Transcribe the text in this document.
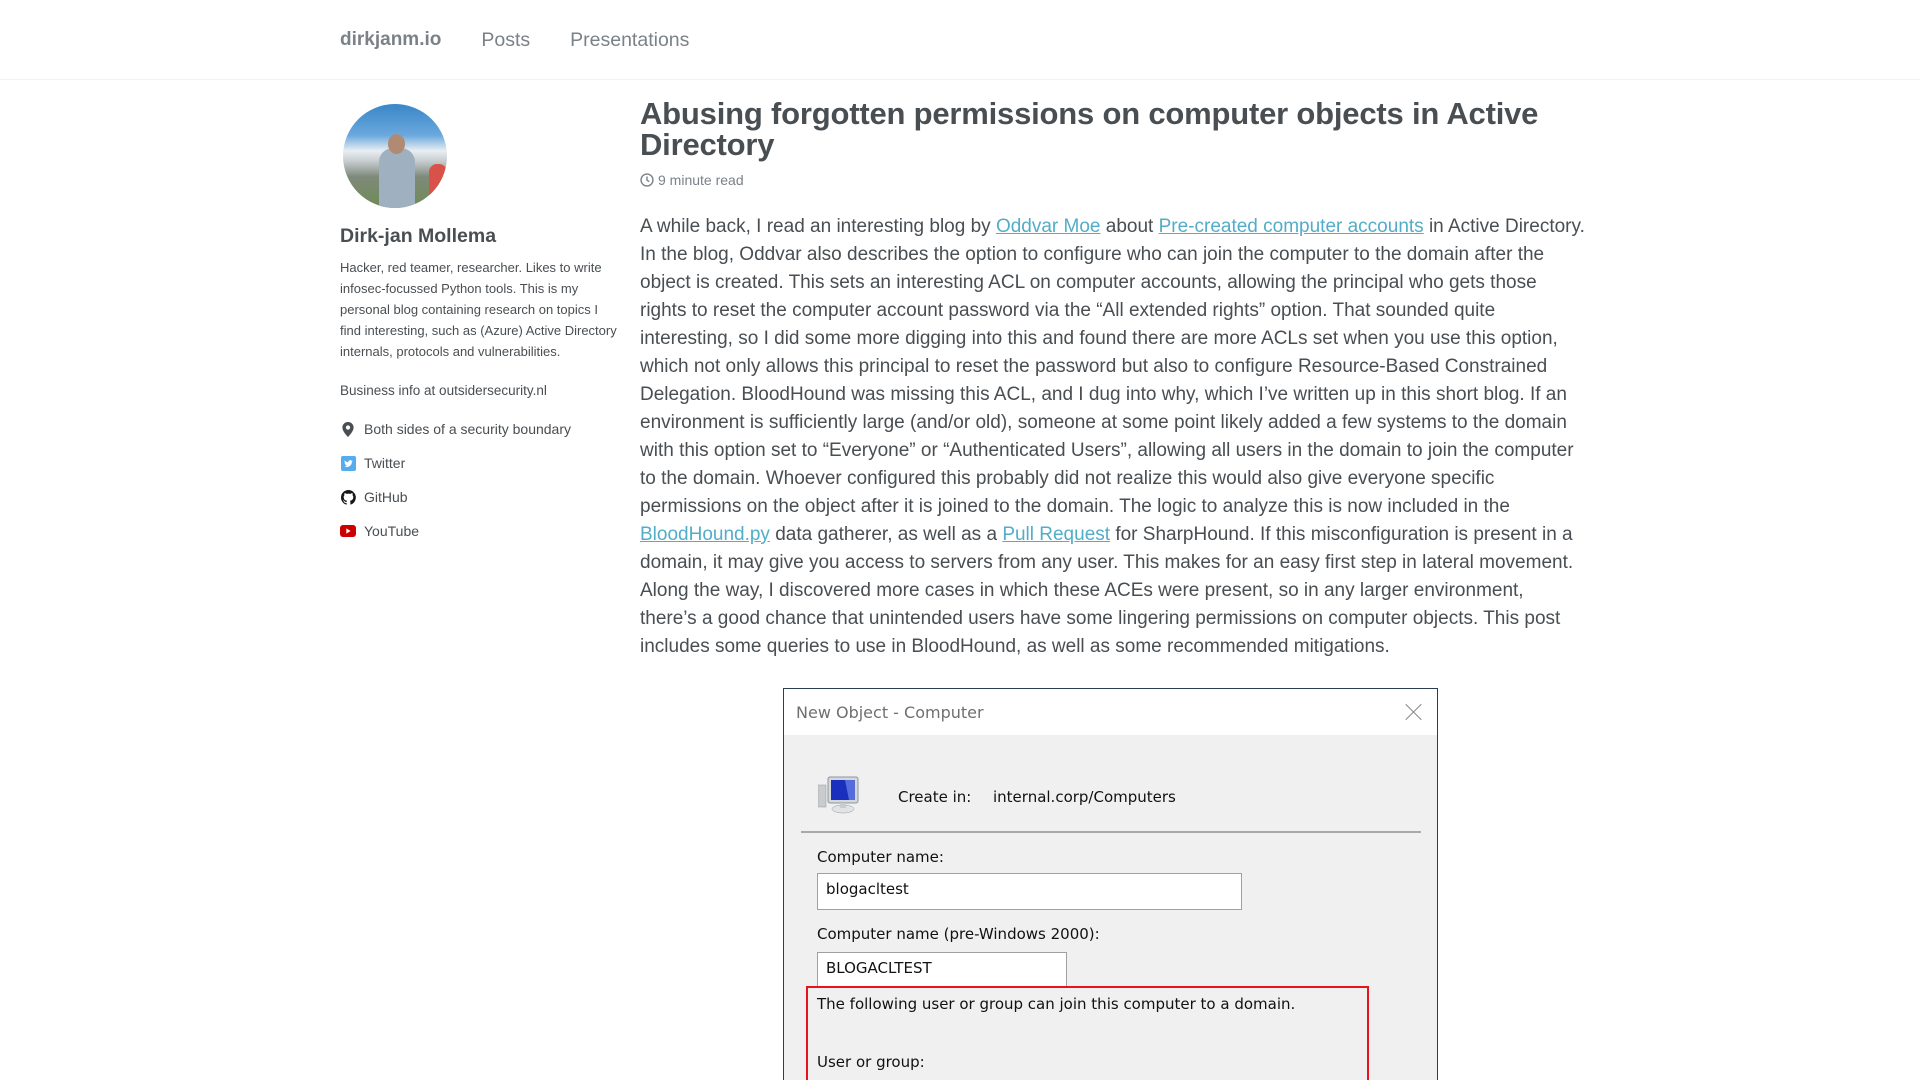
dirkjanm.io Posts Presentations
Dirk-jan Mollema

Hacker, red teamer, researcher. Likes to write infosec-focussed Python tools. This is my personal blog containing research on topics I find interesting, such as (Azure) Active Directory internals, protocols and vulnerabilities.

Business info at outsidersecurity.nl

Both sides of a security boundary
Twitter
GitHub
YouTube
Abusing forgotten permissions on computer objects in Active Directory

9 minute read

A while back, I read an interesting blog by Oddvar Moe about Pre-created computer accounts in Active Directory. In the blog, Oddvar also describes the option to configure who can join the computer to the domain after the object is created. This sets an interesting ACL on computer accounts, allowing the principal who gets those rights to reset the computer account password via the “All extended rights” option. That sounded quite interesting, so I did some more digging into this and found there are more ACLs set when you use this option, which not only allows this principal to reset the password but also to configure Resource-Based Constrained Delegation. BloodHound was missing this ACL, and I dug into why, which I’ve written up in this short blog. If an environment is sufficiently large (and/or old), someone at some point likely added a few systems to the domain with this option set to “Everyone” or “Authenticated Users”, allowing all users in the domain to join the computer to the domain. Whoever configured this probably did not realize this would also give everyone specific permissions on the object after it is joined to the domain. The logic to analyze this is now included in the BloodHound.py data gatherer, as well as a Pull Request for SharpHound. If this misconfiguration is present in a domain, it may give you access to servers from any user. This makes for an easy first step in lateral movement. Along the way, I discovered more cases in which these ACEs were present, so in any larger environment, there’s a good chance that unintended users have some lingering permissions on computer objects. This post includes some queries to use in BloodHound, as well as some recommended mitigations.

New Object - Computer
Create in: internal.corp/Computers
Computer name:
blogacltest
Computer name (pre-Windows 2000):
BLOGACLTEST
The following user or group can join this computer to a domain.
User or group:
